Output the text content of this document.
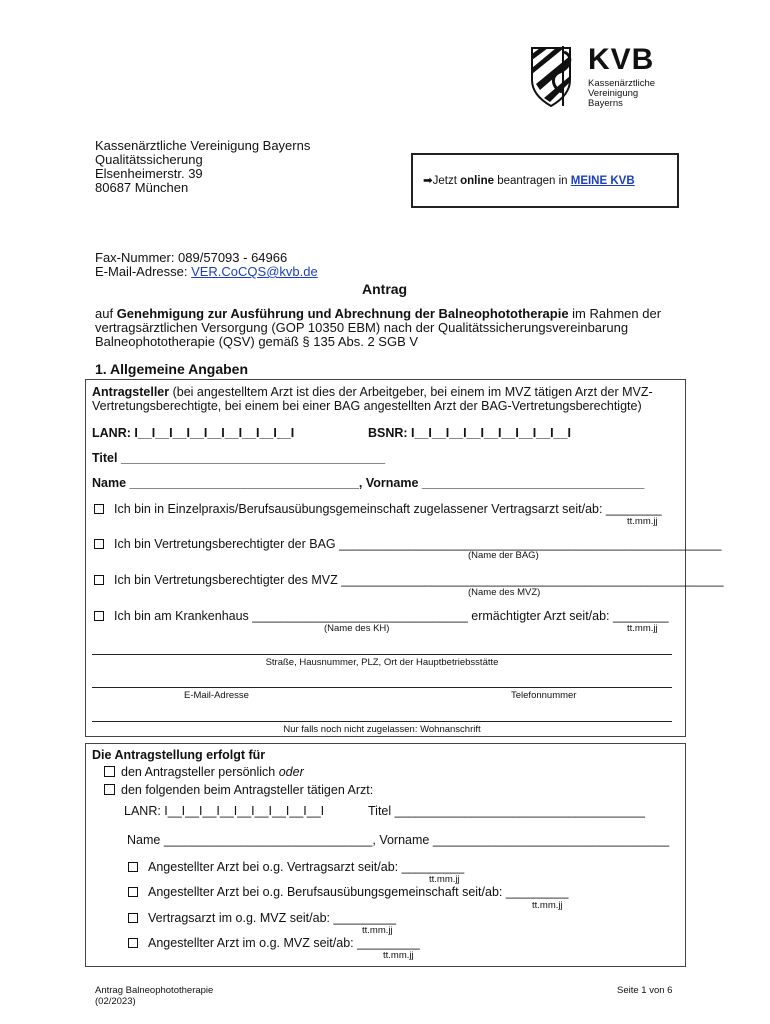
KVB
Kassenärztliche
Vereinigung
Bayerns
Kassenärztliche Vereinigung Bayerns
Qualitätssicherung
Elsenheimerstr. 39
80687 München	➡Jetzt online beantragen in MEINE KVB
Fax-Nummer: 089/57093 - 64966
E-Mail-Adresse: VER.CoCQS@kvb.de
Antrag
auf Genehmigung zur Ausführung und Abrechnung der Balneophototherapie im Rahmen der
vertragsärztlichen Versorgung (GOP 10350 EBM) nach der Qualitätssicherungsvereinbarung
Balneophototherapie (QSV) gemäß § 135 Abs. 2 SGB V
1. Allgemeine Angaben
Antragsteller (bei angestelltem Arzt ist dies der Arbeitgeber, bei einem im MVZ tätigen Arzt der MVZ-
Vertretungsberechtigte, bei einem bei einer BAG angestellten Arzt der BAG-Vertretungsberechtigte)
LANR: I__I__I__I__I__I__I__I__I__I	BSNR: I__I__I__I__I__I__I__I__I__I
Titel ______________________________________
Name _________________________________, Vorname ________________________________
Ich bin in Einzelpraxis/Berufsausübungsgemeinschaft zugelassener Vertragsarzt seit/ab: ________
tt.mm.jj
Ich bin Vertretungsberechtigter der BAG _______________________________________________________
(Name der BAG)
Ich bin Vertretungsberechtigter des MVZ _______________________________________________________
(Name des MVZ)
Ich bin am Krankenhaus _______________________________ ermächtigter Arzt seit/ab: ________
(Name des KH)	tt.mm.jj
Straße, Hausnummer, PLZ, Ort der Hauptbetriebsstätte
E-Mail-Adresse	Telefonnummer
Nur falls noch nicht zugelassen: Wohnanschrift
Die Antragstellung erfolgt für
den Antragsteller persönlich oder
den folgenden beim Antragsteller tätigen Arzt:
LANR: I__I__I__I__I__I__I__I__I__I	Titel ____________________________________
Name ______________________________, Vorname __________________________________
Angestellter Arzt bei o.g. Vertragsarzt seit/ab: _________
tt.mm.jj
Angestellter Arzt bei o.g. Berufsausübungsgemeinschaft seit/ab: _________
tt.mm.jj
Vertragsarzt im o.g. MVZ seit/ab: _________
tt.mm.jj
Angestellter Arzt im o.g. MVZ seit/ab: _________
tt.mm.jj
Antrag Balneophototherapie
(02/2023)
Seite 1 von 6
